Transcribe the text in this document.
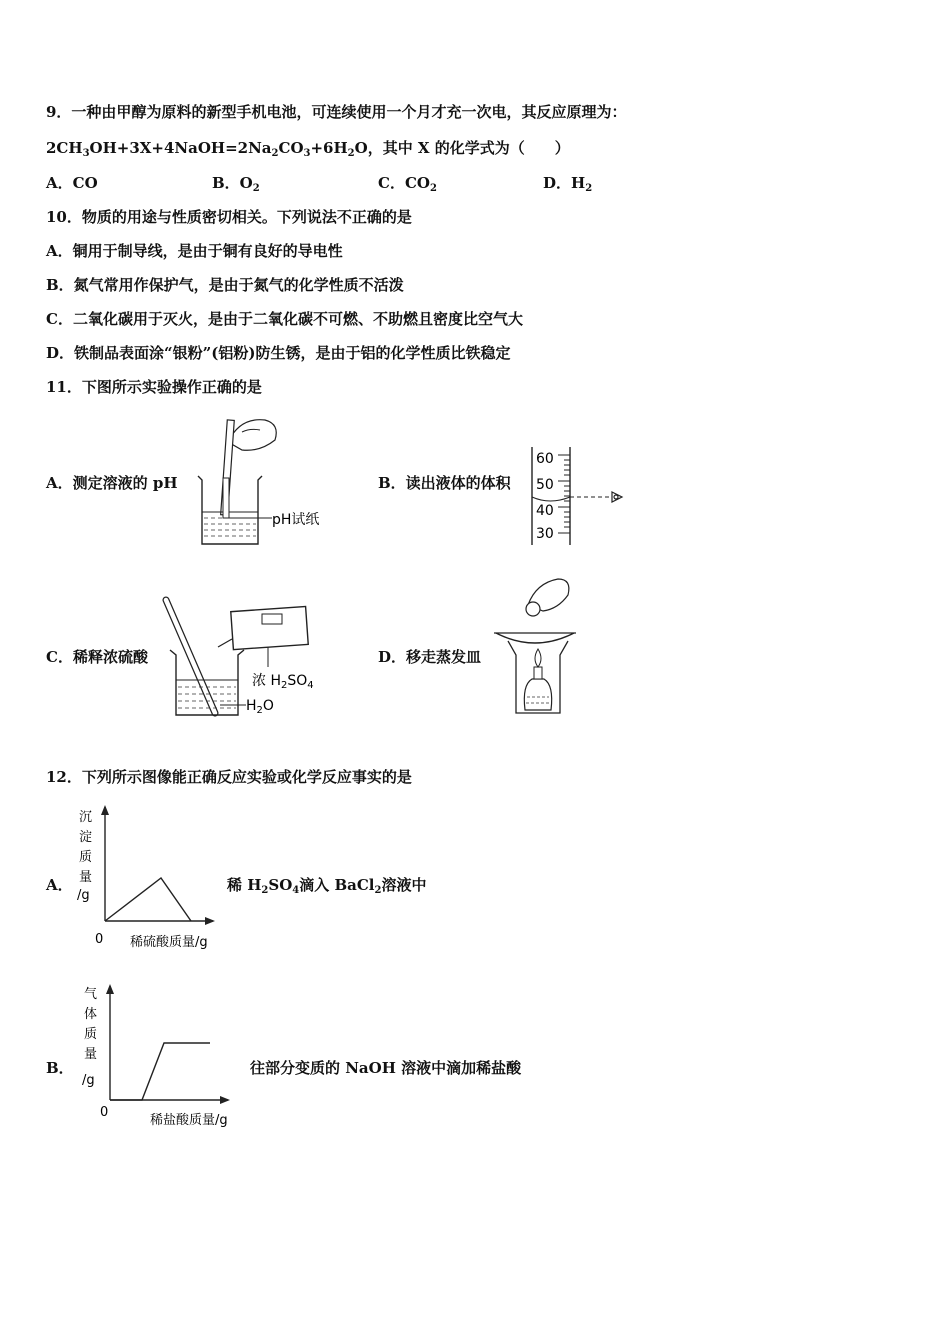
9．一种由甲醇为原料的新型手机电池，可连续使用一个月才充一次电，其反应原理为：
$2CH_3OH+3X+4NaOH=2Na_2CO_3+6H_2O$，其中 X 的化学式为（　　）
A．CO	B．$O_2$	C．$CO_2$	D．$H_2$
10．物质的用途与性质密切相关。下列说法不正确的是
A．铜用于制导线，是由于铜有良好的导电性
B．氮气常用作保护气，是由于氮气的化学性质不活泼
C．二氧化碳用于灭火，是由于二氧化碳不可燃、不助燃且密度比空气大
D．铁制品表面涂“银粉”(铝粉)防生锈，是由于铝的化学性质比铁稳定
11．下图所示实验操作正确的是
A．测定溶液的 pH
pH试纸
B．读出液体的体积
60
50
40
30
C．稀释浓硫酸
浓 $H_2SO_4$
$H_2O$
D．移走蒸发皿
12．下列所示图像能正确反应实验或化学反应事实的是
A．
沉
淀
质
量
/g
0 稀硫酸质量/g
稀 $H_2SO_4$滴入 BaCl$_2$溶液中
B．
气
体
质
量
/g
0
稀盐酸质量/g
往部分变质的 NaOH 溶液中滴加稀盐酸
